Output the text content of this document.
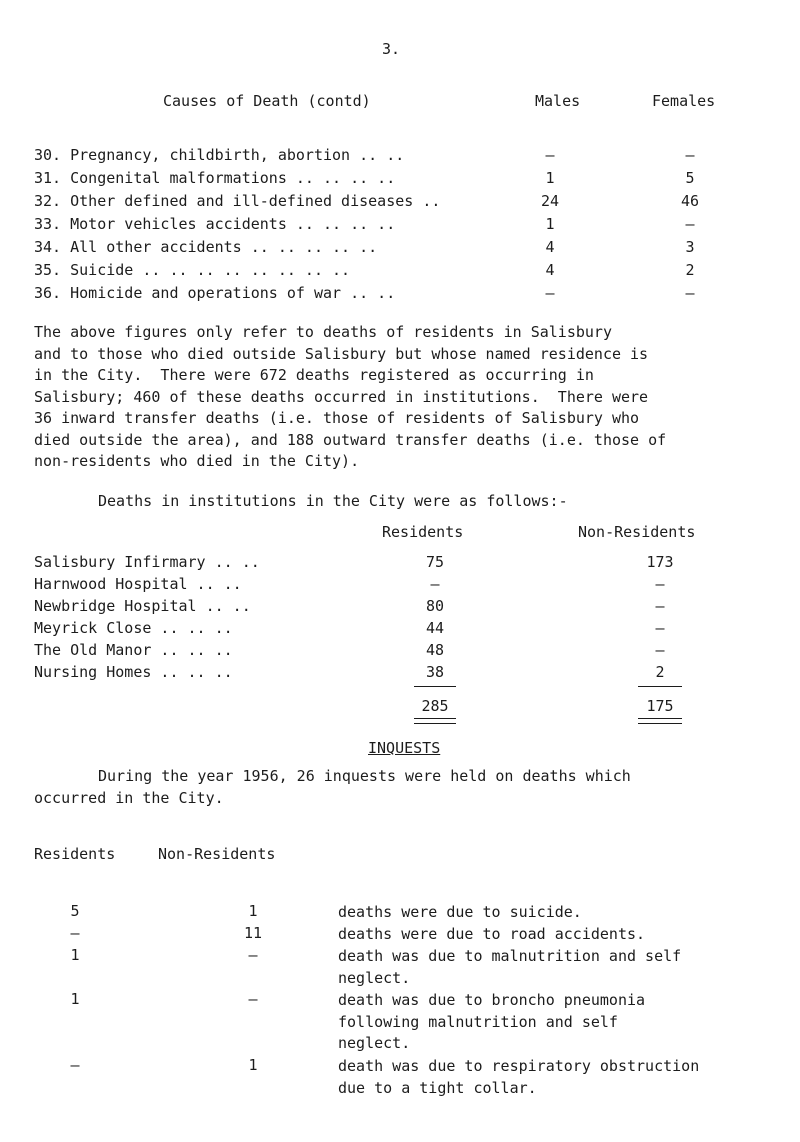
3.
Causes of Death (contd)	Males	Females
30. Pregnancy, childbirth, abortion .. ..	–	–
31. Congenital malformations .. .. .. ..	1	5
32. Other defined and ill-defined diseases ..	24	46
33. Motor vehicles accidents .. .. .. ..	1	–
34. All other accidents .. .. .. .. ..	4	3
35. Suicide .. .. .. .. .. .. .. ..	4	2
36. Homicide and operations of war .. ..	–	–
The above figures only refer to deaths of residents in Salisbury
and to those who died outside Salisbury but whose named residence is
in the City.  There were 672 deaths registered as occurring in
Salisbury; 460 of these deaths occurred in institutions.  There were
36 inward transfer deaths (i.e. those of residents of Salisbury who
died outside the area), and 188 outward transfer deaths (i.e. those of
non-residents who died in the City).
Deaths in institutions in the City were as follows:-
Residents	Non-Residents
Salisbury Infirmary .. ..	75	173
Harnwood Hospital .. ..	–	–
Newbridge Hospital .. ..	80	–
Meyrick Close .. .. ..	44	–
The Old Manor .. .. ..	48	–
Nursing Homes .. .. ..	38	2
285	175
INQUESTS
During the year 1956, 26 inquests were held on deaths which
occurred in the City.
Residents	Non-Residents
5	1	deaths were due to suicide.
–	11	deaths were due to road accidents.
1	–	death was due to malnutrition and self
neglect.
1	–	death was due to broncho pneumonia
following malnutrition and self
neglect.
–	1	death was due to respiratory obstruction
due to a tight collar.
